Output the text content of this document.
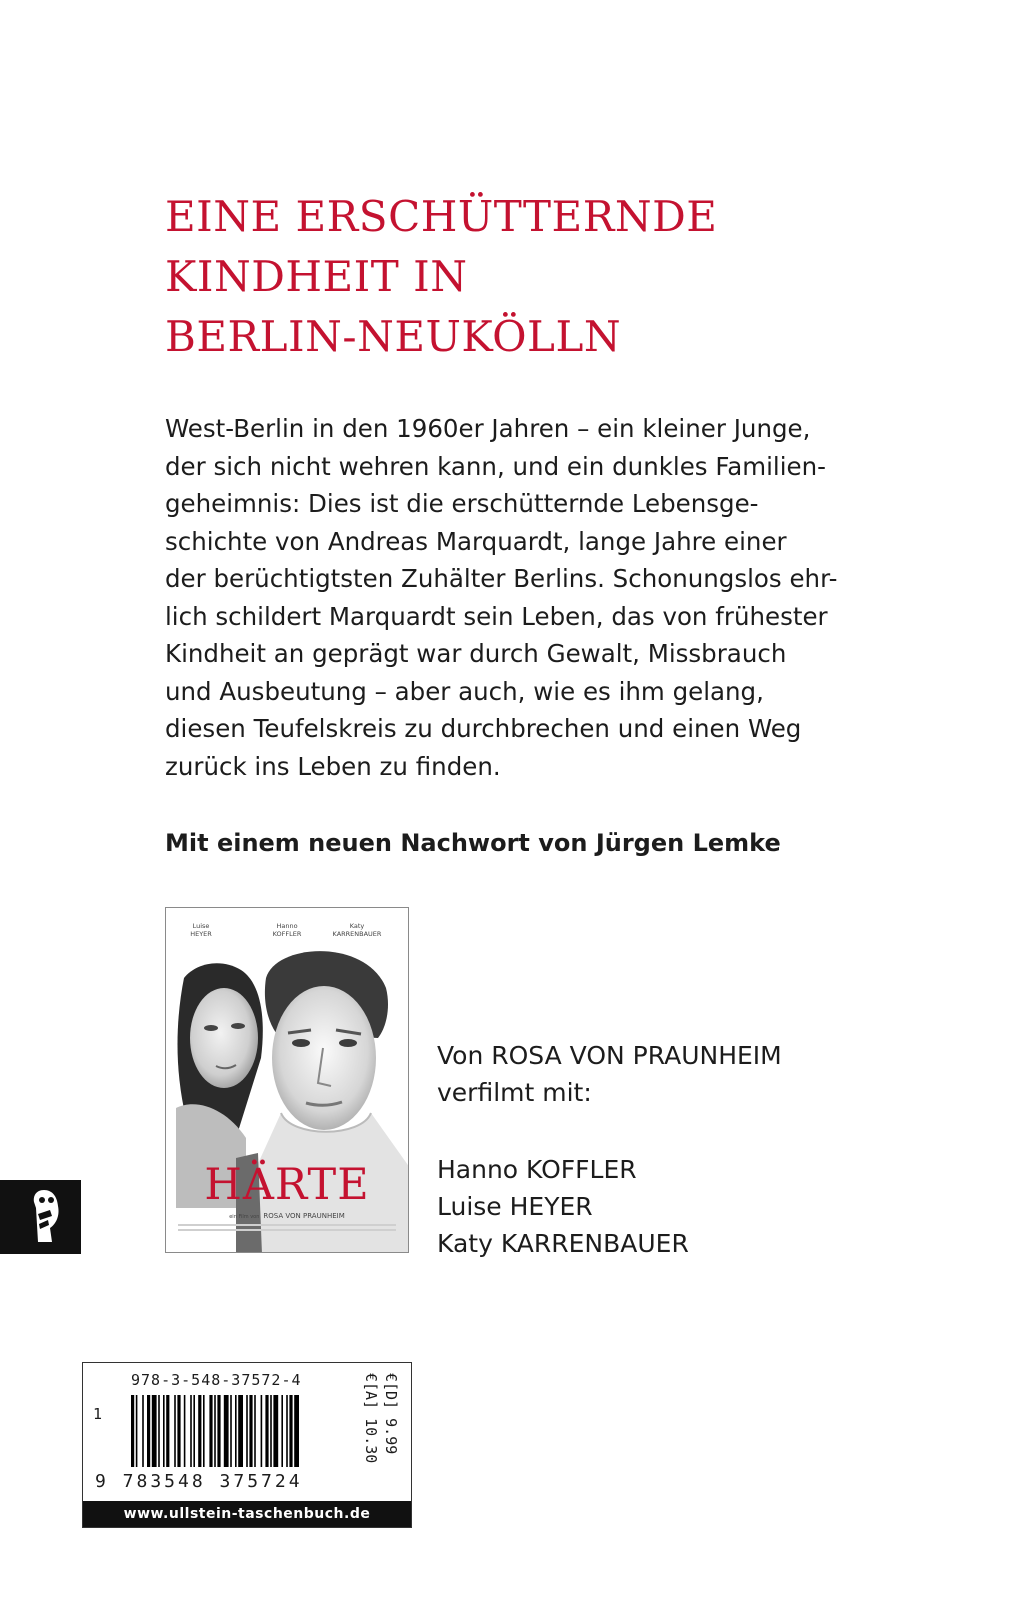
EINE ERSCHÜTTERNDE
KINDHEIT IN
BERLIN-NEUKÖLLN
West-Berlin in den 1960er Jahren – ein kleiner Junge,
der sich nicht wehren kann, und ein dunkles Familien-
geheimnis: Dies ist die erschütternde Lebensge-
schichte von Andreas Marquardt, lange Jahre einer
der berüchtigtsten Zuhälter Berlins. Schonungslos ehr-
lich schildert Marquardt sein Leben, das von frühester
Kindheit an geprägt war durch Gewalt, Missbrauch
und Ausbeutung – aber auch, wie es ihm gelang,
diesen Teufelskreis zu durchbrechen und einen Weg
zurück ins Leben zu finden.
Mit einem neuen Nachwort von Jürgen Lemke
Luise
HEYER
Hanno
KOFFLER
Katy
KARRENBAUER
HÄRTE
ein Film von ROSA VON PRAUNHEIM
Von ROSA VON PRAUNHEIM
verfilmt mit:
Hanno KOFFLER
Luise HEYER
Katy KARRENBAUER
978-3-548-37572-4
1
9 783548 375724
€[D] 9.99
€[A] 10.30
www.ullstein-taschenbuch.de
